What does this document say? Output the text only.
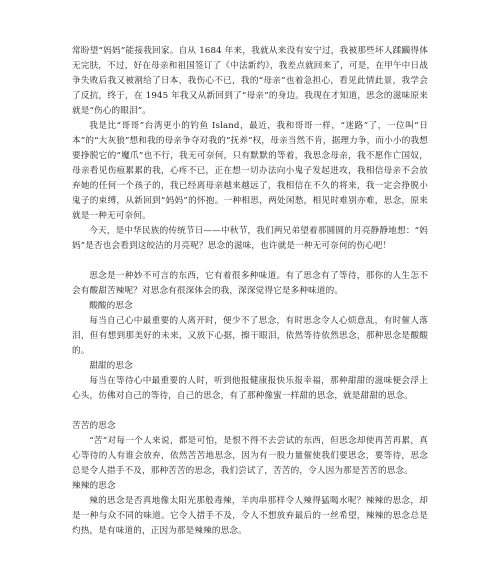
常盼望“妈妈”能接我回家。自从 1684 年来，我就从来没有安宁过，我被那些坏人蹂躏得体无完肤，不过，好在母亲和祖国签订了《中法新约》，我差点就回来了，可是，在甲午中日战争失败后我又被割给了日本，我伤心不已，我的“母亲”也着急担心，看见此情此景，我学会了反抗，终于，在 1945 年我又从新回到了“母亲”的身边。我现在才知道，思念的滋味原来就是“伤心的眼泪”。

我是比“哥哥”台湾更小的钓鱼 Island，最近，我和哥哥一样，“迷路”了，一位叫“日本”的“大灰狼”想和我的母亲争夺对我的“抚养”权，母亲当然不肯，据理力争，而小小的我想要挣脱它的“魔爪”也不行，我无可奈何，只有默默的等着，我思念母亲，我不愿作亡国奴，母亲看见伤痕累累的我，心疼不已，正在想一切办法向小鬼子发起进攻，我相信母亲不会放弃她的任何一个孩子的，我已经离母亲越来越远了，我相信在不久的将来，我一定会挣脱小鬼子的束缚，从新回到“妈妈”的怀抱。一种相思，两处闲愁，相见时难别亦难，思念，原来就是一种无可奈何。

今天，是中华民族的传统节日——中秋节，我们两兄弟望着那圆圆的月亮静静地想：“妈妈”是否也会看到这皎洁的月亮呢？思念的滋味，也许就是一种无可奈何的伤心吧！

思念是一种妙不可言的东西，它有着很多种味道。有了思念有了等待，那你的人生怎不会有酸甜苦辣呢？对思念有很深体会的我，深深觉得它是多种味道的。

酸酸的思念

每当自己心中最重要的人离开时，便少不了思念，有时思念令人心烦意乱，有时催人落泪，但有想到那美好的未来，又放下心据，擦干眼泪，依然等待依然思念，那种思念是酸酸的。

甜甜的思念

每当在等待心中最重要的人时，听到他报健康报快乐报幸福，那种甜甜的滋味便会浮上心头，仿佛对自己的等待，自己的思念，有了那种像蜜一样甜的思念，就是甜甜的思念。

苦苦的思念

“苦”对每一个人来说，都是可怕，是恨不得不去尝试的东西，但思念却使再苦再累，真心等待的人有谁会放弃，依然苦苦地思念，因为有一股力量催使我们要思念，要等待，思念总是令人措手不及，那种苦苦的思念，我们尝试了，苦苦的，令人因为那是苦苦的思念。

辣辣的思念

辣的思念是否真地像太阳光那般毒辣，羊肉串那样令人辣得猛喝水呢？辣辣的思念，却是一种与众不同的味道。它令人措手不及，令人不想放弃最后的一丝希望，辣辣的思念总是灼热，是有味道的，正因为那是辣辣的思念。
